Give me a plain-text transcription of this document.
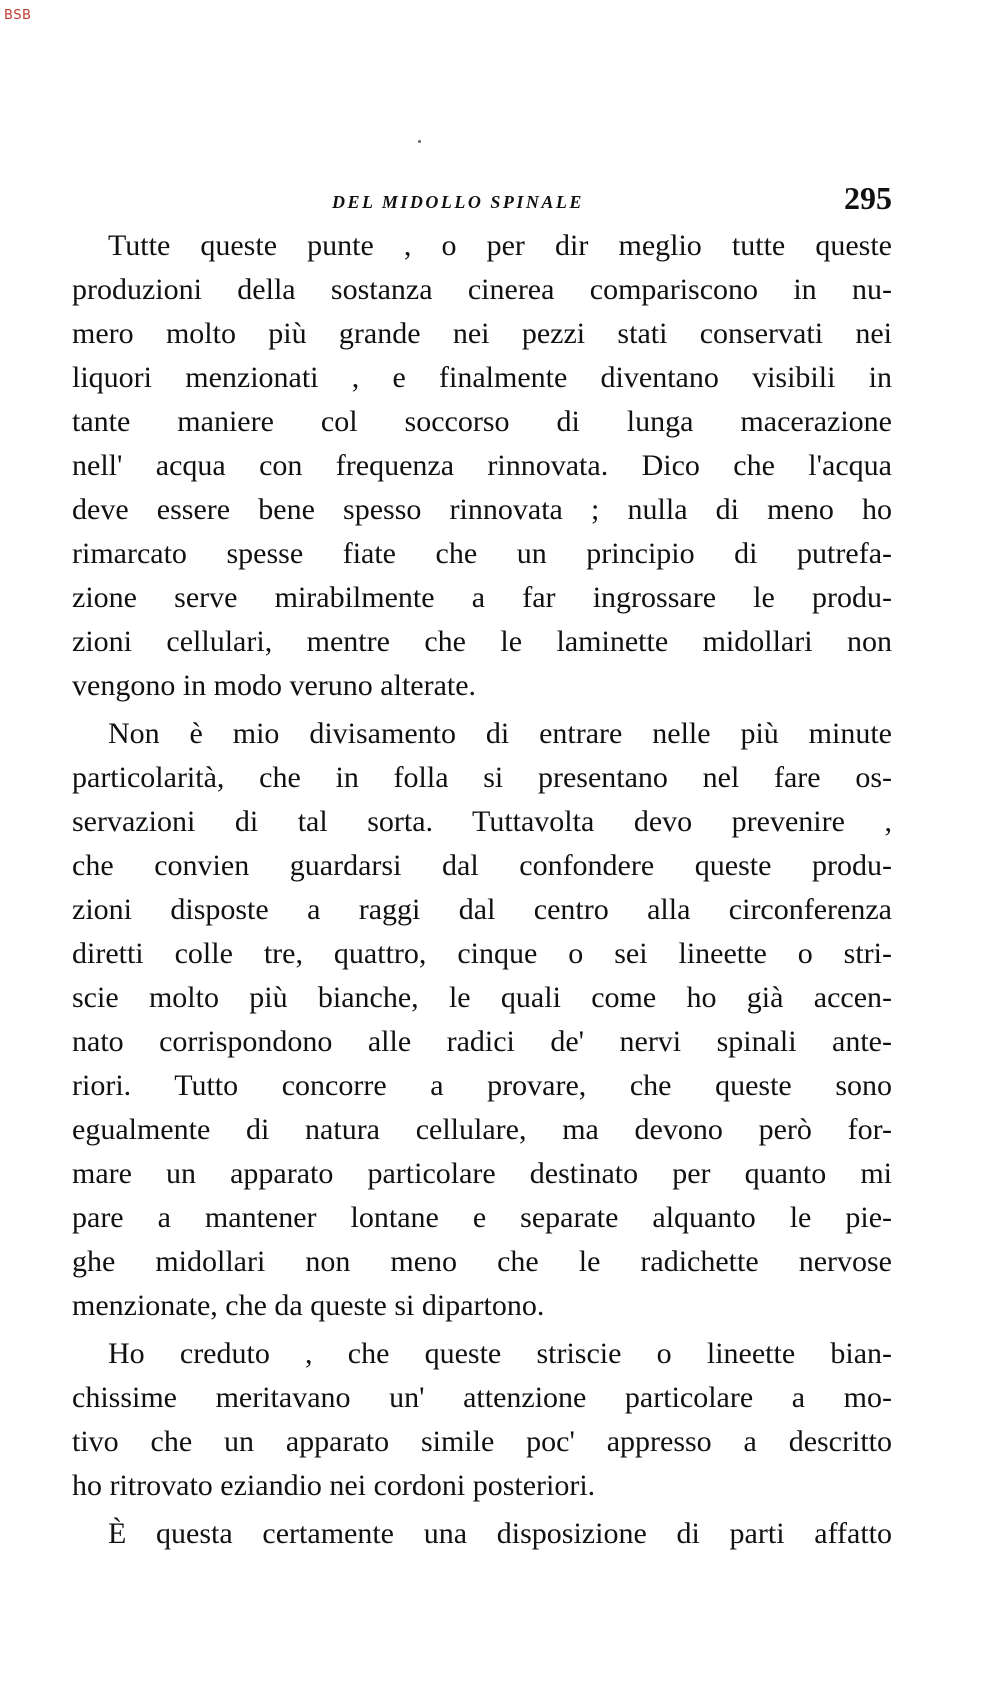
BSB
DEL MIDOLLO SPINALE	295
Tutte queste punte , o per dir meglio tutte queste
produzioni della sostanza cinerea compariscono in nu-
mero molto più grande nei pezzi stati conservati nei
liquori menzionati , e finalmente diventano visibili in
tante maniere col soccorso di lunga macerazione
nell' acqua con frequenza rinnovata. Dico che l'acqua
deve essere bene spesso rinnovata ; nulla di meno ho
rimarcato spesse fiate che un principio di putrefa-
zione serve mirabilmente a far ingrossare le produ-
zioni cellulari, mentre che le laminette midollari non
vengono in modo veruno alterate.
Non è mio divisamento di entrare nelle più minute
particolarità, che in folla si presentano nel fare os-
servazioni di tal sorta. Tuttavolta devo prevenire ,
che convien guardarsi dal confondere queste produ-
zioni disposte a raggi dal centro alla circonferenza
diretti colle tre, quattro, cinque o sei lineette o stri-
scie molto più bianche, le quali come ho già accen-
nato corrispondono alle radici de' nervi spinali ante-
riori. Tutto concorre a provare, che queste sono
egualmente di natura cellulare, ma devono però for-
mare un apparato particolare destinato per quanto mi
pare a mantener lontane e separate alquanto le pie-
ghe midollari non meno che le radichette nervose
menzionate, che da queste si dipartono.
Ho creduto , che queste striscie o lineette bian-
chissime meritavano un' attenzione particolare a mo-
tivo che un apparato simile poc' appresso a descritto
ho ritrovato eziandio nei cordoni posteriori.
È questa certamente una disposizione di parti affatto
